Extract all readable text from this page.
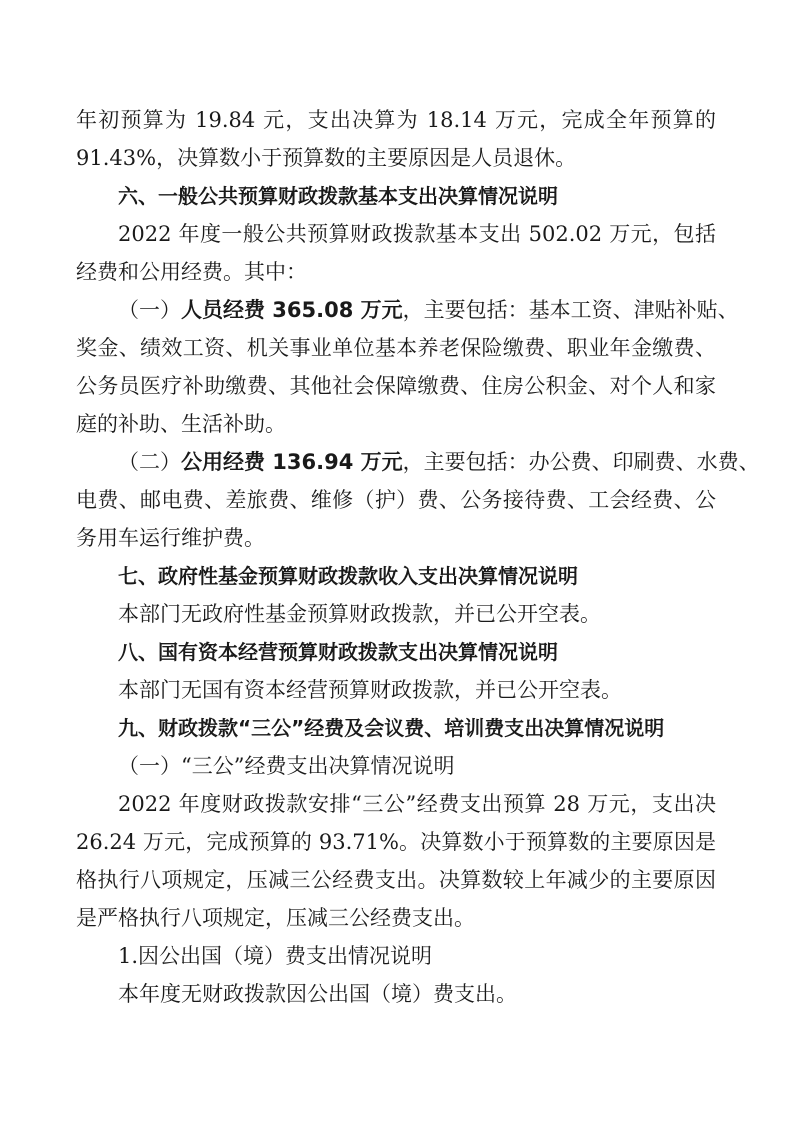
年初预算为 19.84 元，支出决算为 18.14 万元，完成全年预算的
91.43%，决算数小于预算数的主要原因是人员退休。
六、一般公共预算财政拨款基本支出决算情况说明
2022 年度一般公共预算财政拨款基本支出 502.02 万元，包括
经费和公用经费。其中：
（一）人员经费 365.08 万元，主要包括：基本工资、津贴补贴、
奖金、绩效工资、机关事业单位基本养老保险缴费、职业年金缴费、
公务员医疗补助缴费、其他社会保障缴费、住房公积金、对个人和家
庭的补助、生活补助。
（二）公用经费 136.94 万元，主要包括：办公费、印刷费、水费、
电费、邮电费、差旅费、维修（护）费、公务接待费、工会经费、公
务用车运行维护费。
七、政府性基金预算财政拨款收入支出决算情况说明
本部门无政府性基金预算财政拨款，并已公开空表。
八、国有资本经营预算财政拨款支出决算情况说明
本部门无国有资本经营预算财政拨款，并已公开空表。
九、财政拨款“三公”经费及会议费、培训费支出决算情况说明
（一）“三公”经费支出决算情况说明
2022 年度财政拨款安排“三公”经费支出预算 28 万元，支出决
26.24 万元，完成预算的 93.71%。决算数小于预算数的主要原因是
格执行八项规定，压减三公经费支出。决算数较上年减少的主要原因
是严格执行八项规定，压减三公经费支出。
1.因公出国（境）费支出情况说明
本年度无财政拨款因公出国（境）费支出。
